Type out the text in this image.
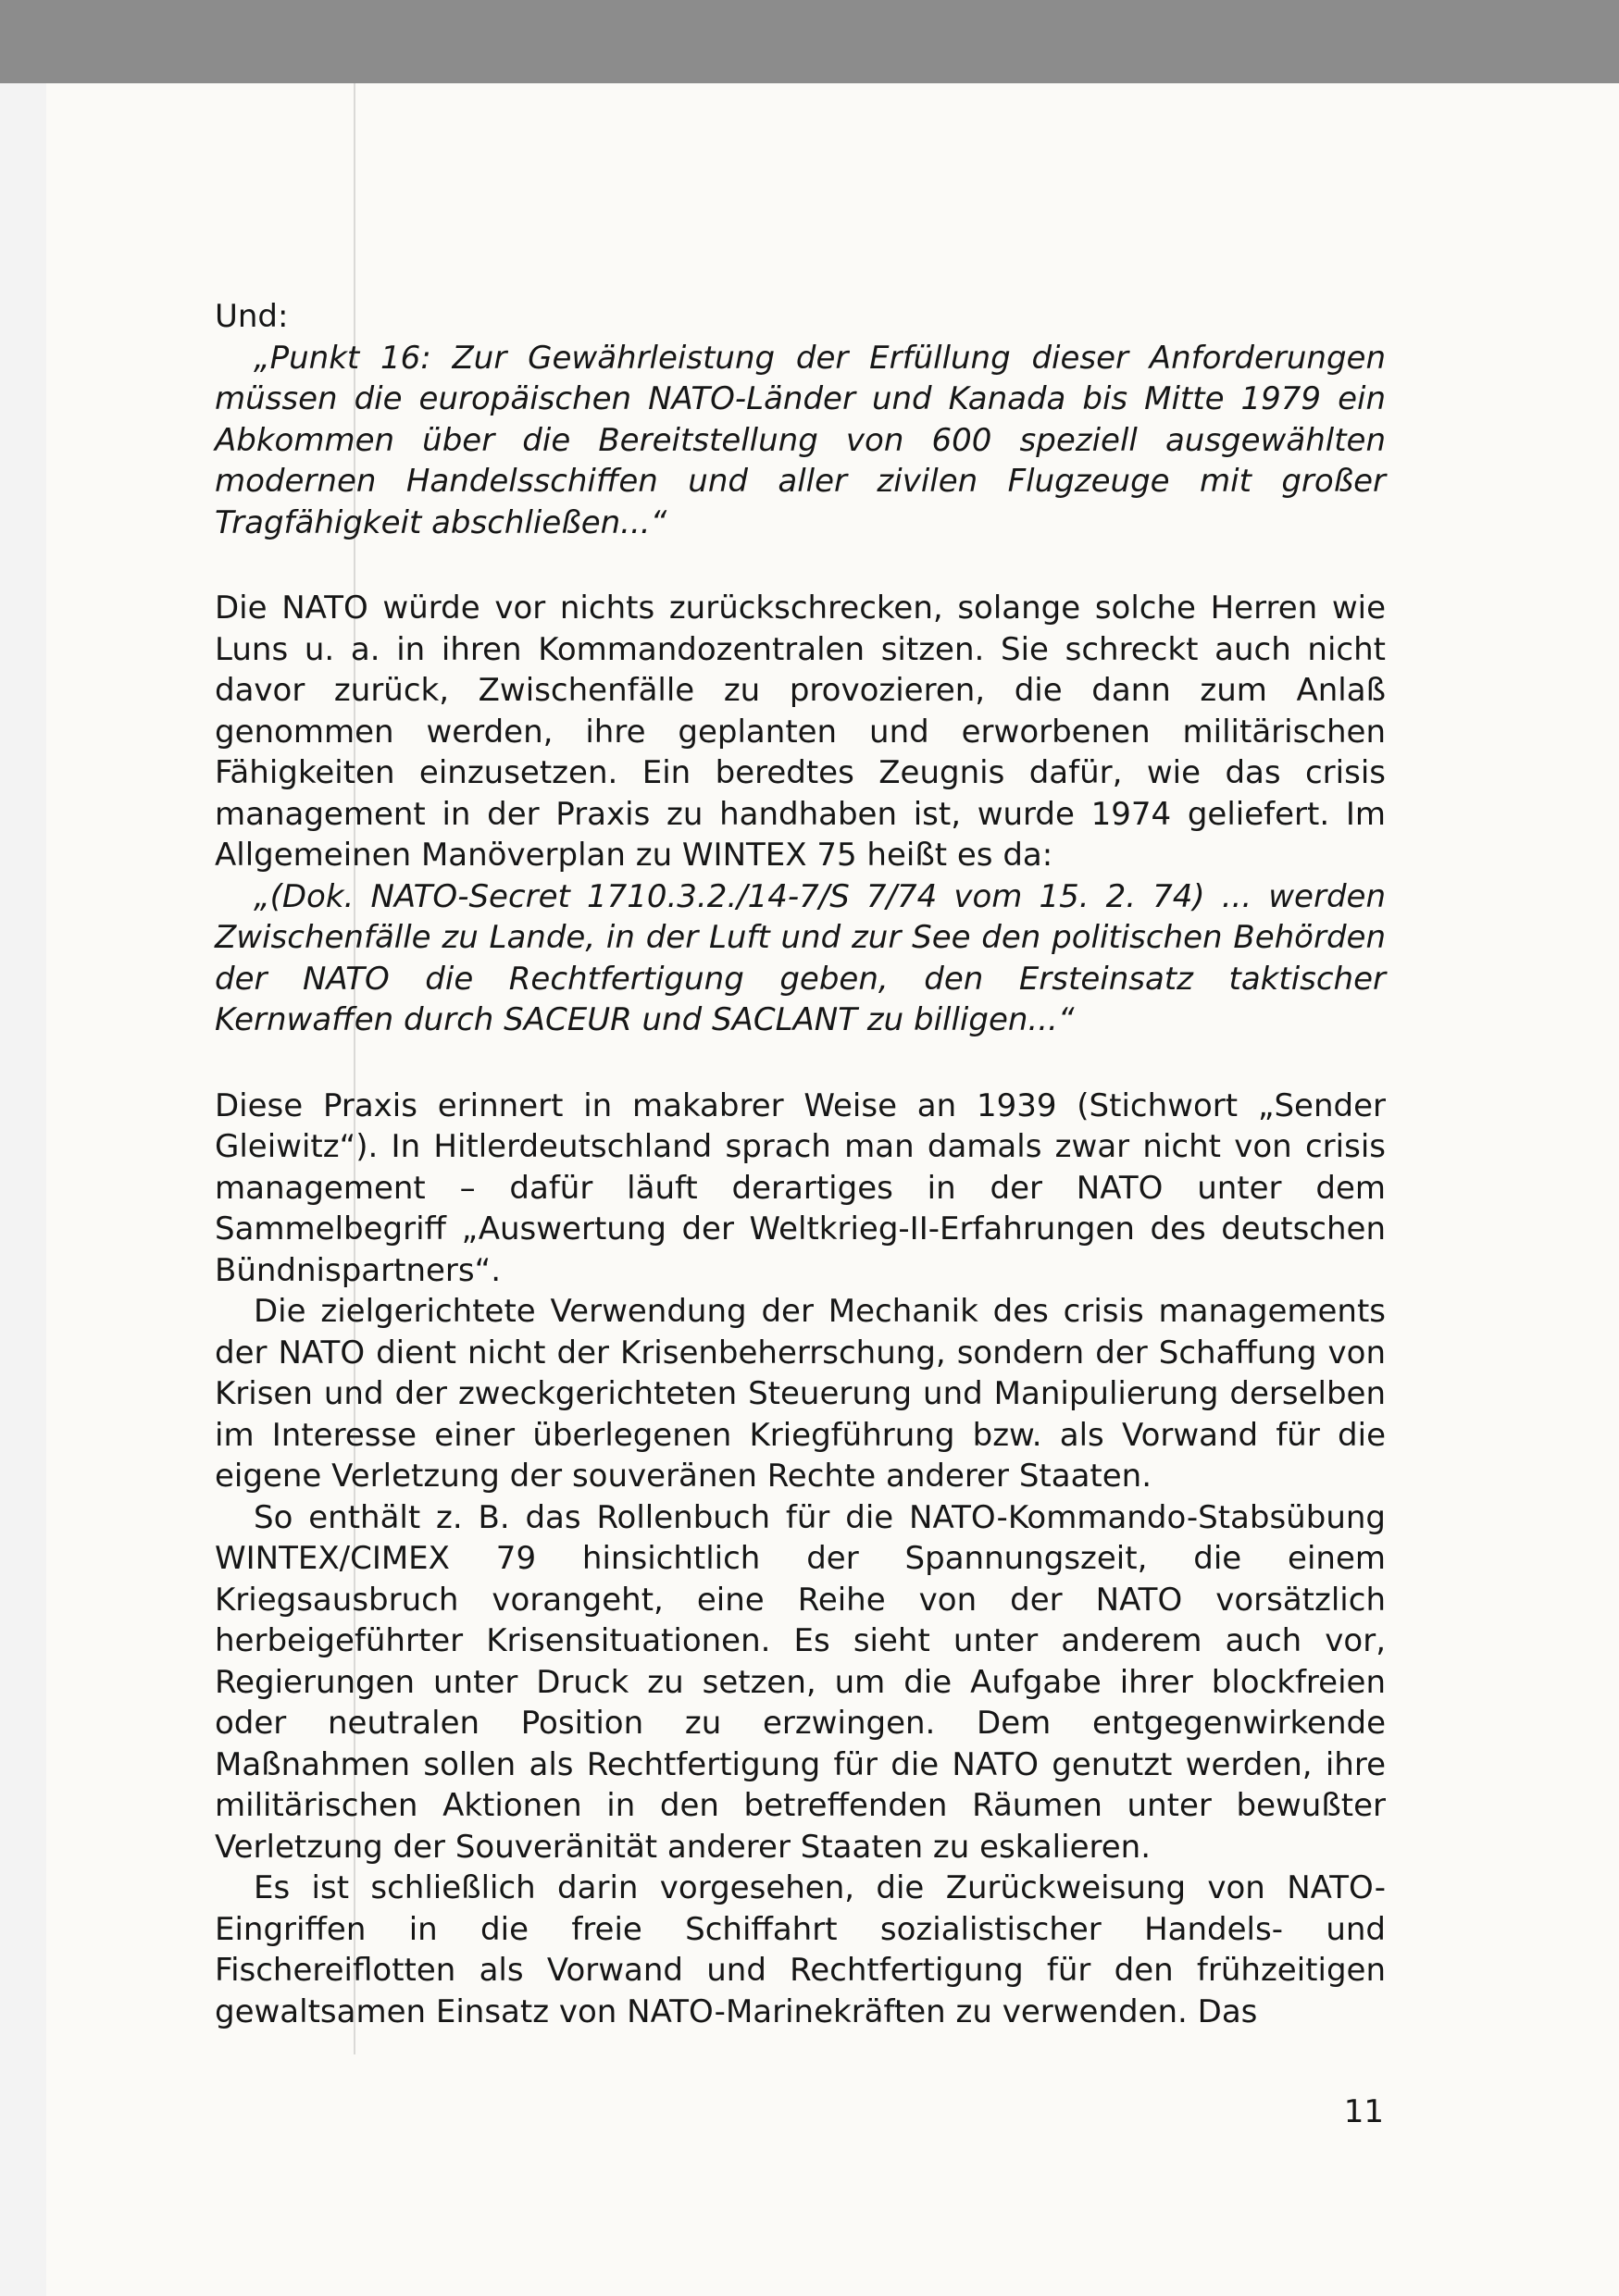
Und:

„Punkt 16: Zur Gewährleistung der Erfüllung dieser Anforderungen müssen die europäischen NATO-Länder und Kanada bis Mitte 1979 ein Abkommen über die Bereitstellung von 600 speziell ausgewählten modernen Handelsschiffen und aller zivilen Flugzeuge mit großer Tragfähigkeit abschließen...“

Die NATO würde vor nichts zurückschrecken, solange solche Herren wie Luns u. a. in ihren Kommandozentralen sitzen. Sie schreckt auch nicht davor zurück, Zwischenfälle zu provozieren, die dann zum Anlaß genommen werden, ihre geplanten und erworbenen militärischen Fähigkeiten einzusetzen. Ein beredtes Zeugnis dafür, wie das crisis management in der Praxis zu handhaben ist, wurde 1974 geliefert. Im Allgemeinen Manöverplan zu WINTEX 75 heißt es da:

„(Dok. NATO-Secret 1710.3.2./14-7/S 7/74 vom 15. 2. 74) ... werden Zwischenfälle zu Lande, in der Luft und zur See den politischen Behörden der NATO die Rechtfertigung geben, den Ersteinsatz taktischer Kernwaffen durch SACEUR und SACLANT zu billigen...“

Diese Praxis erinnert in makabrer Weise an 1939 (Stichwort „Sender Gleiwitz“). In Hitlerdeutschland sprach man damals zwar nicht von crisis management – dafür läuft derartiges in der NATO unter dem Sammelbegriff „Auswertung der Weltkrieg-II-Erfahrungen des deutschen Bündnispartners“.

Die zielgerichtete Verwendung der Mechanik des crisis managements der NATO dient nicht der Krisenbeherrschung, sondern der Schaffung von Krisen und der zweckgerichteten Steuerung und Manipulierung derselben im Interesse einer überlegenen Kriegführung bzw. als Vorwand für die eigene Verletzung der souveränen Rechte anderer Staaten.

So enthält z. B. das Rollenbuch für die NATO-Kommando-Stabsübung WINTEX/CIMEX 79 hinsichtlich der Spannungszeit, die einem Kriegsausbruch vorangeht, eine Reihe von der NATO vorsätzlich herbeigeführter Krisensituationen. Es sieht unter anderem auch vor, Regierungen unter Druck zu setzen, um die Aufgabe ihrer blockfreien oder neutralen Position zu erzwingen. Dem entgegenwirkende Maßnahmen sollen als Rechtfertigung für die NATO genutzt werden, ihre militärischen Aktionen in den betreffenden Räumen unter bewußter Verletzung der Souveränität anderer Staaten zu eskalieren.

Es ist schließlich darin vorgesehen, die Zurückweisung von NATO-Eingriffen in die freie Schiffahrt sozialistischer Handels- und Fischereiflotten als Vorwand und Rechtfertigung für den frühzeitigen gewaltsamen Einsatz von NATO-Marinekräften zu verwenden. Das

11
